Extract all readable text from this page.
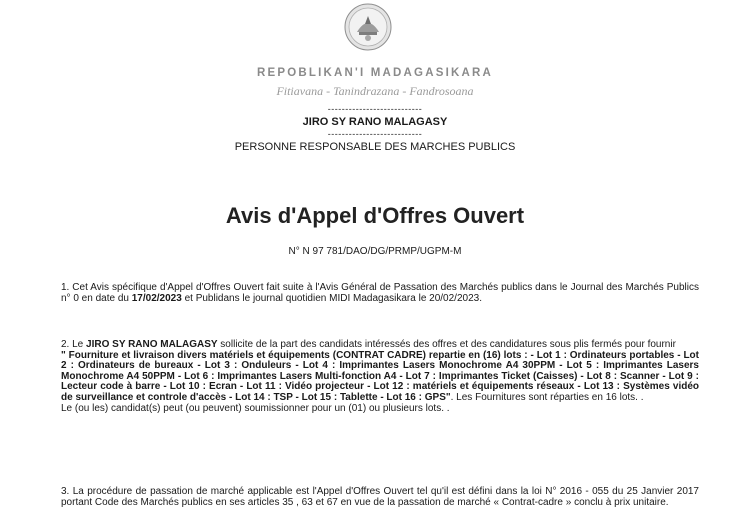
REPOBLIKAN'I MADAGASIKARA
Fitiavana - Tanindrazana - Fandrosoana
---------------------------
JIRO SY RANO MALAGASY
---------------------------
PERSONNE RESPONSABLE DES MARCHES PUBLICS
Avis d'Appel d'Offres Ouvert
N° N 97 781/DAO/DG/PRMP/UGPM-M
1. Cet Avis spécifique d'Appel d'Offres Ouvert fait suite à l'Avis Général de Passation des Marchés publics dans le Journal des Marchés Publics n° 0 en date du 17/02/2023 et Publidans le journal quotidien MIDI Madagasikara le 20/02/2023.
2. Le JIRO SY RANO MALAGASY sollicite de la part des candidats intéressés des offres et des candidatures sous plis fermés pour fournir
" Fourniture et livraison divers matériels et équipements (CONTRAT CADRE) repartie en (16) lots : - Lot 1 : Ordinateurs portables - Lot 2 : Ordinateurs de bureaux - Lot 3 : Onduleurs - Lot 4 : Imprimantes Lasers Monochrome A4 30PPM - Lot 5 : Imprimantes Lasers Monochrome A4 50PPM - Lot 6 : Imprimantes Lasers Multi-fonction A4 - Lot 7 : Imprimantes Ticket (Caisses) - Lot 8 : Scanner - Lot 9 : Lecteur code à barre - Lot 10 : Ecran - Lot 11 : Vidéo projecteur - Lot 12 : matériels et équipements réseaux - Lot 13 : Systèmes vidéo de surveillance et controle d'accès - Lot 14 : TSP - Lot 15 : Tablette - Lot 16 : GPS". Les Fournitures sont réparties en 16 lots. .
Le (ou les) candidat(s) peut (ou peuvent) soumissionner pour un (01) ou plusieurs lots. .
3. La procédure de passation de marché applicable est l'Appel d'Offres Ouvert tel qu'il est défini dans la loi N° 2016 - 055 du 25 Janvier 2017 portant Code des Marchés publics en ses articles 35 , 63 et 67 en vue de la passation de marché « Contrat-cadre » conclu à prix unitaire.
